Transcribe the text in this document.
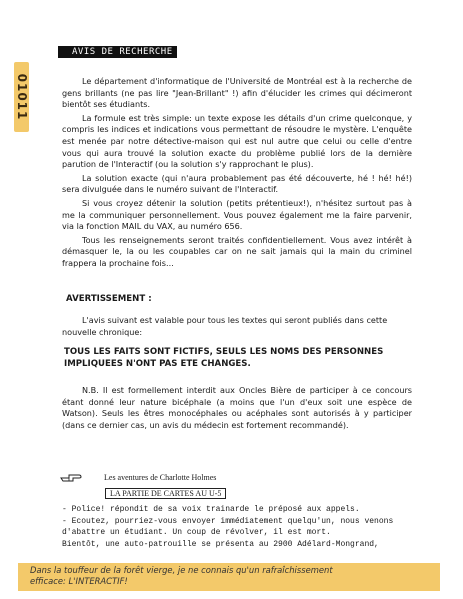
01011
AVIS DE RECHERCHE

Le département d'informatique de l'Université de Montréal est à la recherche de gens brillants (ne pas lire "Jean-Brillant" !) afin d'élucider les crimes qui décimeront bientôt ses étudiants.

La formule est très simple: un texte expose les détails d'un crime quelconque, y compris les indices et indications vous permettant de résoudre le mystère. L'enquête est menée par notre détective-maison qui est nul autre que celui ou celle d'entre vous qui aura trouvé la solution exacte du problème publié lors de la dernière parution de l'Interactif (ou la solution s'y rapprochant le plus).

La solution exacte (qui n'aura probablement pas été découverte, hé ! hé! hé!) sera divulguée dans le numéro suivant de l'Interactif.

Si vous croyez détenir la solution (petits prétentieux!), n'hésitez surtout pas à me la communiquer personnellement. Vous pouvez également me la faire parvenir, via la fonction MAIL du VAX, au numéro 656.

Tous les renseignements seront traités confidentiellement. Vous avez intérêt à démasquer le, la ou les coupables car on ne sait jamais qui la main du criminel frappera la prochaine fois...

AVERTISSEMENT :
L'avis suivant est valable pour tous les textes qui seront publiés dans cette nouvelle chronique:
TOUS LES FAITS SONT FICTIFS, SEULS LES NOMS DES PERSONNES IMPLIQUEES N'ONT PAS ETE CHANGES.
N.B. Il est formellement interdit aux Oncles Bière de participer à ce concours étant donné leur nature bicéphale (a moins que l'un d'eux soit une espèce de Watson). Seuls les êtres monocéphales ou acéphales sont autorisés à y participer (dans ce dernier cas, un avis du médecin est fortement recommandé).
Les aventures de Charlotte Holmes
LA PARTIE DE CARTES AU U-5
- Police! répondit de sa voix trainarde le préposé aux appels.
- Ecoutez, pourriez-vous envoyer immédiatement quelqu'un, nous venons
d'abattre un étudiant. Un coup de révolver, il est mort.
Bientôt, une auto-patrouille se présenta au 2900 Adélard-Mongrand,
Dans la touffeur de la forêt vierge, je ne connais qu'un rafraîchissement
efficace: L'INTERACTIF!
